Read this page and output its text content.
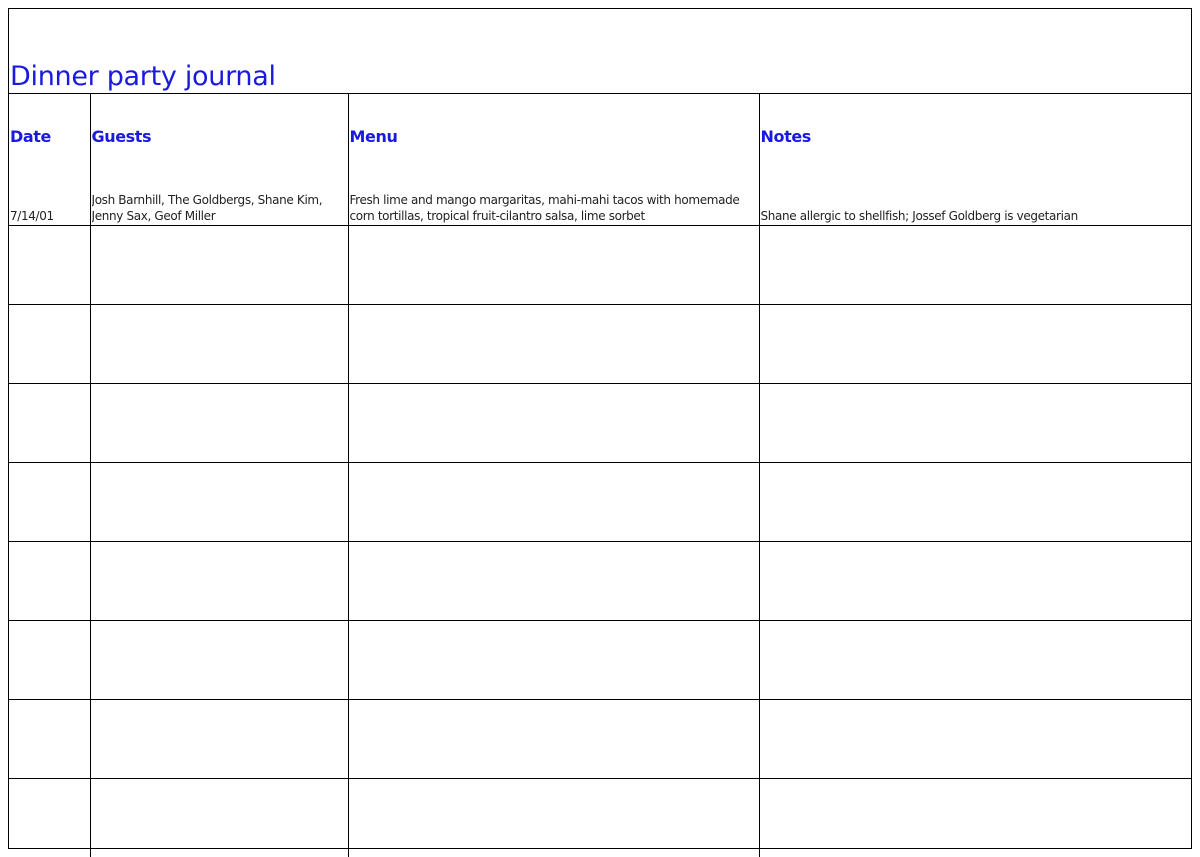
Dinner party journal
Date	Guests	Menu	Notes

7/14/01	Josh Barnhill, The Goldbergs, Shane Kim, Jenny Sax, Geof Miller	Fresh lime and mango margaritas, mahi-mahi tacos with homemade corn tortillas, tropical fruit-cilantro salsa, lime sorbet	Shane allergic to shellfish; Jossef Goldberg is vegetarian
